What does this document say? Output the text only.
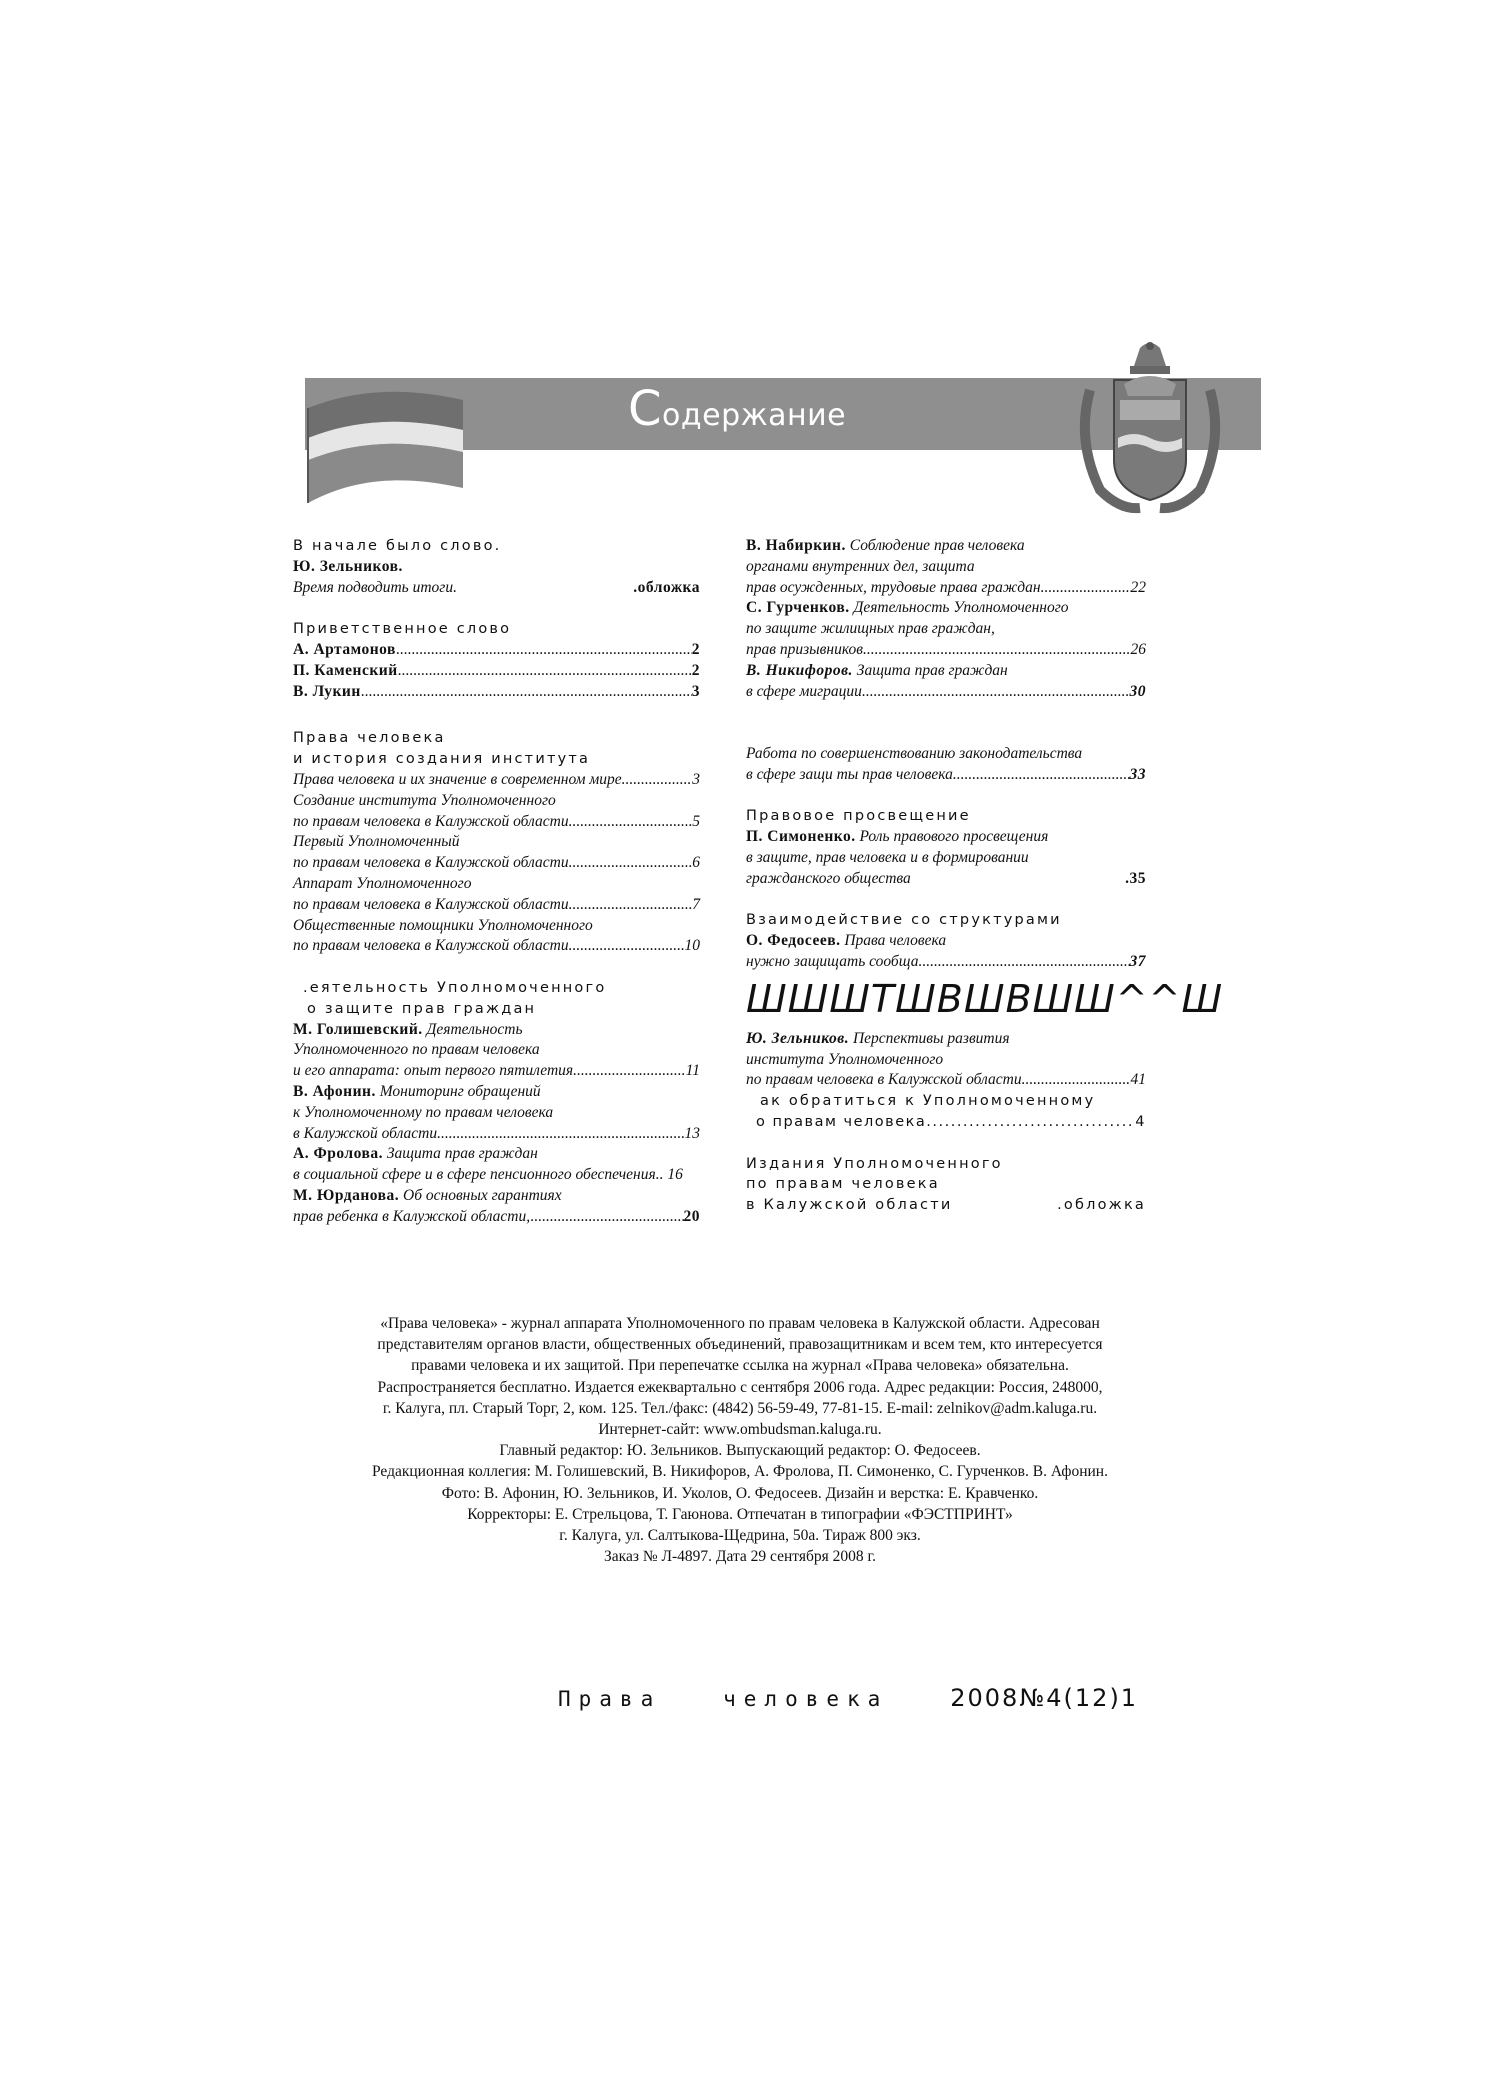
Содержание
В начале было слово.
Ю. Зельников.
Время подводить итоги.	.обложка
Приветственное слово
А. Артамонов .....	2
П. Каменский .....	2
В. Лукин .....	3
Права человека
и история создания института
Права человека и их значение в современном мире .....	3
Создание института Уполномоченного
по правам человека в Калужской области .....	5
Первый Уполномоченный
по правам человека в Калужской области .....	6
Аппарат Уполномоченного
по правам человека в Калужской области .....	7
Общественные помощники Уполномоченного
по правам человека в Калужской области .....	10
.еятельность Уполномоченного
о защите прав граждан
М. Голишевский. Деятельность
Уполномоченного по правам человека
и его аппарата: опыт первого пятилетия .....	11
В. Афонин. Мониторинг обращений
к Уполномоченному по правам человека
в Калужской области .....	13
А. Фролова. Защита прав граждан
в социальной сфере и в сфере пенсионного обеспечения.. 16
М. Юрданова. Об основных гарантиях
прав ребенка в Калужской области, .....	20
В. Набиркин. Соблюдение прав человека
органами внутренних дел, защита
прав осужденных, трудовые права граждан .....	22
С. Гурченков. Деятельность Уполномоченного
по защите жилищных прав граждан,
прав призывников .....	26
В. Никифоров. Защита прав граждан
в сфере миграции .....	30
Работа по совершенствованию законодательства
в сфере защи ты прав человека .....	33
Правовое просвещение
П. Симоненко. Роль правового просвещения
в защите, прав человека и в формировании
гражданского общества	.35
Взаимодействие со структурами
О. Федосеев. Права человека
нужно защищать сообща .....	37
ШШШТШВШВШШ^^Ш
Ю. Зельников. Перспективы развития
института Уполномоченного
по правам человека в Калужской области .....	41
ак обратиться к Уполномоченному
о правам человека .....	4
Издания Уполномоченного
по правам человека
в Калужской области	.обложка
«Права человека» - журнал аппарата Уполномоченного по правам человека в Калужской области. Адресован
представителям органов власти, общественных объединений, правозащитникам и всем тем, кто интересуется
правами человека и их защитой. При перепечатке ссылка на журнал «Права человека» обязательна.
Распространяется бесплатно. Издается ежеквартально с сентября 2006 года. Адрес редакции: Россия, 248000,
г. Калуга, пл. Старый Торг, 2, ком. 125. Тел./факс: (4842) 56-59-49, 77-81-15. E-mail: zelnikov@adm.kaluga.ru.
Интернет-сайт: www.ombudsman.kaluga.ru.
Главный редактор: Ю. Зельников. Выпускающий редактор: О. Федосеев.
Редакционная коллегия: М. Голишевский, В. Никифоров, А. Фролова, П. Симоненко, С. Гурченков. В. Афонин.
Фото: В. Афонин, Ю. Зельников, И. Уколов, О. Федосеев. Дизайн и верстка: Е. Кравченко.
Корректоры: Е. Стрельцова, Т. Гаюнова. Отпечатан в типографии «ФЭСТПРИНТ»
г. Калуга, ул. Салтыкова-Щедрина, 50а. Тираж 800 экз.
Заказ № Л-4897. Дата 29 сентября 2008 г.
Права   человека	2008№4(12)1
